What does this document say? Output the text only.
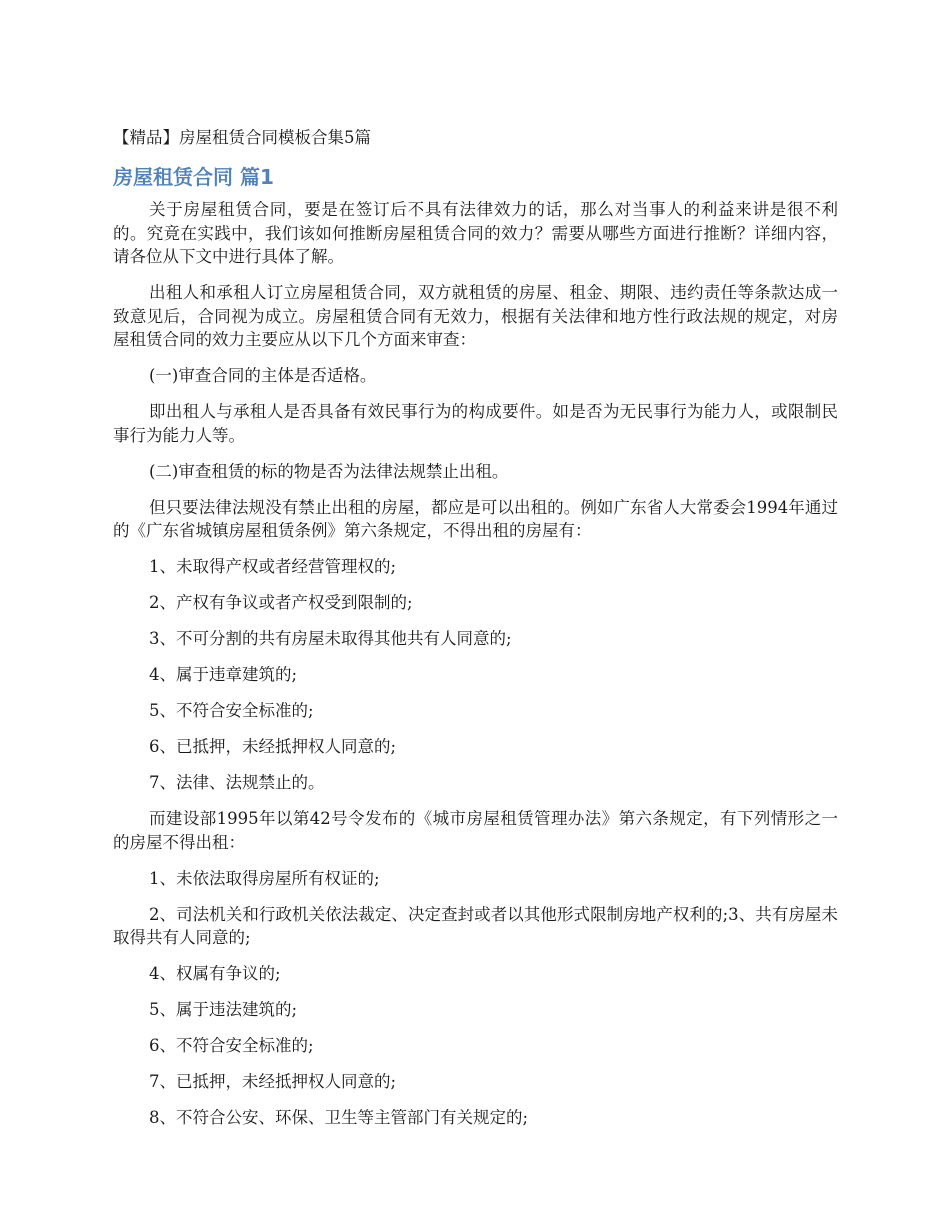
【精品】房屋租赁合同模板合集5篇
房屋租赁合同 篇1

关于房屋租赁合同，要是在签订后不具有法律效力的话，那么对当事人的利益来讲是很不利的。究竟在实践中，我们该如何推断房屋租赁合同的效力？需要从哪些方面进行推断？详细内容，请各位从下文中进行具体了解。

出租人和承租人订立房屋租赁合同，双方就租赁的房屋、租金、期限、违约责任等条款达成一致意见后，合同视为成立。房屋租赁合同有无效力，根据有关法律和地方性行政法规的规定，对房屋租赁合同的效力主要应从以下几个方面来审查：

(一)审查合同的主体是否适格。

即出租人与承租人是否具备有效民事行为的构成要件。如是否为无民事行为能力人，或限制民事行为能力人等。

(二)审查租赁的标的物是否为法律法规禁止出租。

但只要法律法规没有禁止出租的房屋，都应是可以出租的。例如广东省人大常委会1994年通过的《广东省城镇房屋租赁条例》第六条规定，不得出租的房屋有：

1、未取得产权或者经营管理权的;

2、产权有争议或者产权受到限制的;

3、不可分割的共有房屋未取得其他共有人同意的;

4、属于违章建筑的;

5、不符合安全标准的;

6、已抵押，未经抵押权人同意的;

7、法律、法规禁止的。

而建设部1995年以第42号令发布的《城市房屋租赁管理办法》第六条规定，有下列情形之一的房屋不得出租：

1、未依法取得房屋所有权证的;

2、司法机关和行政机关依法裁定、决定查封或者以其他形式限制房地产权利的;3、共有房屋未取得共有人同意的;

4、权属有争议的;

5、属于违法建筑的;

6、不符合安全标准的;

7、已抵押，未经抵押权人同意的;

8、不符合公安、环保、卫生等主管部门有关规定的;
